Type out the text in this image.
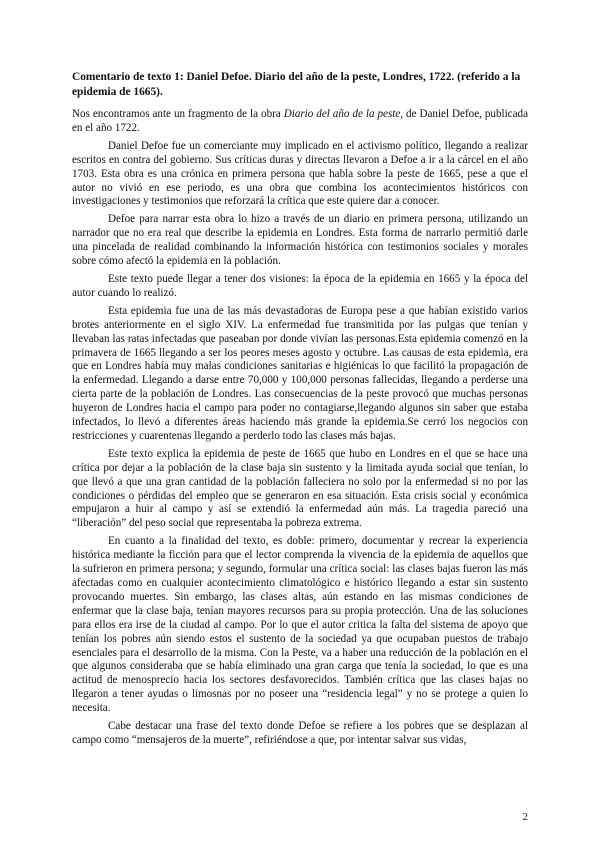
Comentario de texto 1: Daniel Defoe. Diario del año de la peste, Londres, 1722. (referido a la epidemia de 1665).

Nos encontramos ante un fragmento de la obra Diario del año de la peste, de Daniel Defoe, publicada en el año 1722.

Daniel Defoe fue un comerciante muy implicado en el activismo político, llegando a realizar escritos en contra del gobierno. Sus críticas duras y directas llevaron a Defoe a ir a la cárcel en el año 1703. Esta obra es una crónica en primera persona que habla sobre la peste de 1665, pese a que el autor no vivió en ese periodo, es una obra que combina los acontecimientos históricos con investigaciones y testimonios que reforzará la crítica que este quiere dar a conocer.

Defoe para narrar esta obra lo hizo a través de un diario en primera persona, utilizando un narrador que no era real que describe la epidemia en Londres. Esta forma de narrarlo permitió darle una pincelada de realidad combinando la información histórica con testimonios sociales y morales sobre cómo afectó la epidemia en la población.

Este texto puede llegar a tener dos visiones: la época de la epidemia en 1665 y la época del autor cuando lo realizó.

Esta epidemia fue una de las más devastadoras de Europa pese a que habían existido varios brotes anteriormente en el siglo XIV. La enfermedad fue transmitida por las pulgas que tenían y llevaban las ratas infectadas que paseaban por donde vivían las personas.Esta epidemia comenzó en la primavera de 1665 llegando a ser los peores meses agosto y octubre. Las causas de esta epidemia, era que en Londres había muy malas condiciones sanitarias e higiénicas lo que facilitó la propagación de la enfermedad. Llegando a darse entre 70,000 y 100,000 personas fallecidas, llegando a perderse una cierta parte de la población de Londres. Las consecuencias de la peste provocó que muchas personas huyeron de Londres hacia el campo para poder no contagiarse,llegando algunos sin saber que estaba infectados, lo llevó a diferentes áreas haciendo más grande la epidemia.Se cerró los negocios con restricciones y cuarentenas llegando a perderlo todo las clases más bajas.

Este texto explica la epidemia de peste de 1665 que hubo en Londres en el que se hace una crítica por dejar a la población de la clase baja sin sustento y la limitada ayuda social que tenían, lo que llevó a que una gran cantidad de la población falleciera no solo por la enfermedad si no por las condiciones o pérdidas del empleo que se generaron en esa situación. Esta crisis social y económica empujaron a huir al campo y así se extendió la enfermedad aún más. La tragedia pareció una “liberación” del peso social que representaba la pobreza extrema.

En cuanto a la finalidad del texto, es doble: primero, documentar y recrear la experiencia histórica mediante la ficción para que el lector comprenda la vivencia de la epidemia de aquellos que la sufrieron en primera persona; y segundo, formular una crítica social: las clases bajas fueron las más afectadas como en cualquier acontecimiento climatológico e histórico llegando a estar sin sustento provocando muertes. Sin embargo, las clases altas, aún estando en las mismas condiciones de enfermar que la clase baja, tenían mayores recursos para su propia protección. Una de las soluciones para ellos era irse de la ciudad al campo. Por lo que el autor critica la falta del sistema de apoyo que tenían los pobres aún siendo estos el sustento de la sociedad ya que ocupaban puestos de trabajo esenciales para el desarrollo de la misma. Con la Peste, va a haber una reducción de la población en el que algunos consideraba que se había eliminado una gran carga que tenía la sociedad, lo que es una actitud de menosprecio hacia los sectores desfavorecidos. También crítica que las clases bajas no llegaron a tener ayudas o limosnas por no poseer una “residencia legal” y no se protege a quien lo necesita.

Cabe destacar una frase del texto donde Defoe se refiere a los pobres que se desplazan al campo como “mensajeros de la muerte”, refiriéndose a que, por intentar salvar sus vidas,

2
